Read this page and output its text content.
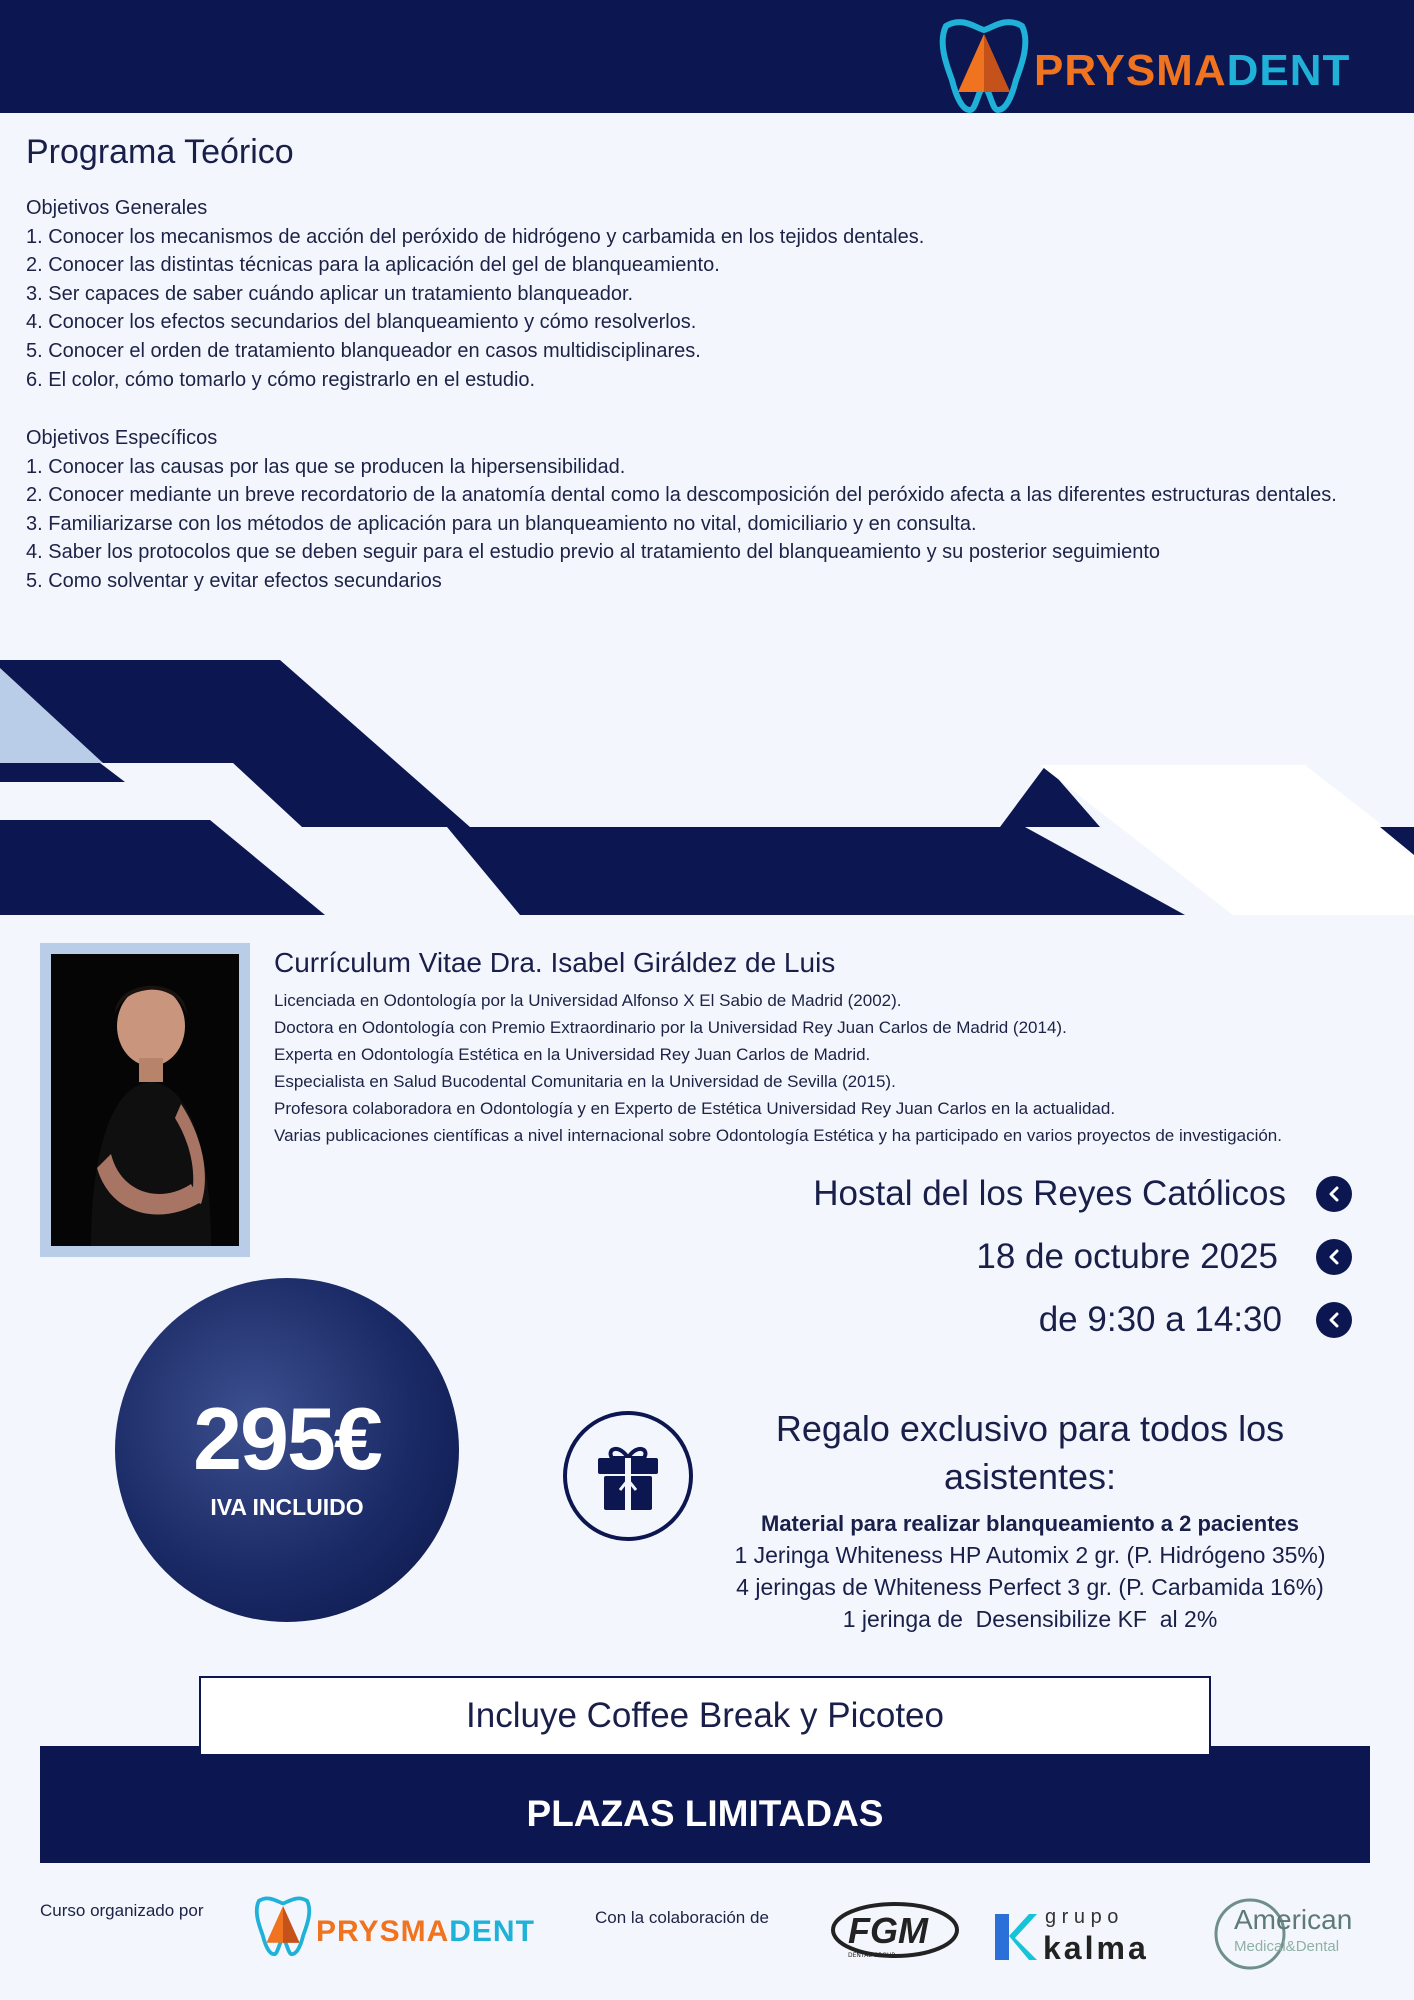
PRYSMADENT
Programa Teórico

Objetivos Generales

1. Conocer los mecanismos de acción del peróxido de hidrógeno y carbamida en los tejidos dentales.

2. Conocer las distintas técnicas para la aplicación del gel de blanqueamiento.

3. Ser capaces de saber cuándo aplicar un tratamiento blanqueador.

4. Conocer los efectos secundarios del blanqueamiento y cómo resolverlos.

5. Conocer el orden de tratamiento blanqueador en casos multidisciplinares.

6. El color, cómo tomarlo y cómo registrarlo en el estudio.

Objetivos Específicos

1. Conocer las causas por las que se producen la hipersensibilidad.

2. Conocer mediante un breve recordatorio de la anatomía dental como la descomposición del peróxido afecta a las diferentes estructuras dentales.

3. Familiarizarse con los métodos de aplicación para un blanqueamiento no vital, domiciliario y en consulta.

4. Saber los protocolos que se deben seguir para el estudio previo al tratamiento del blanqueamiento y su posterior seguimiento

5. Como solventar y evitar efectos secundarios

Currículum Vitae Dra. Isabel Giráldez de Luis

Licenciada en Odontología por la Universidad Alfonso X El Sabio de Madrid (2002).

Doctora en Odontología con Premio Extraordinario por la Universidad Rey Juan Carlos de Madrid (2014).

Experta en Odontología Estética en la Universidad Rey Juan Carlos de Madrid.

Especialista en Salud Bucodental Comunitaria en la Universidad de Sevilla (2015).

Profesora colaboradora en Odontología y en Experto de Estética Universidad Rey Juan Carlos en la actualidad.

Varias publicaciones científicas a nivel internacional sobre Odontología Estética y ha participado en varios proyectos de investigación.

Hostal del los Reyes Católicos
18 de octubre 2025
de 9:30 a 14:30
295€
IVA INCLUIDO
Regalo exclusivo para todos los asistentes:
Material para realizar blanqueamiento a 2 pacientes
1 Jeringa Whiteness HP Automix 2 gr. (P. Hidrógeno 35%)
4 jeringas de Whiteness Perfect 3 gr. (P. Carbamida 16%)
1 jeringa de  Desensibilize KF  al 2%
PLAZAS LIMITADAS
Incluye Coffee Break y Picoteo
Curso organizado por
PRYSMADENT	Con la colaboración de FGM
DENTAL GROUP
g r u p o
kalma
American
Medical&Dental
